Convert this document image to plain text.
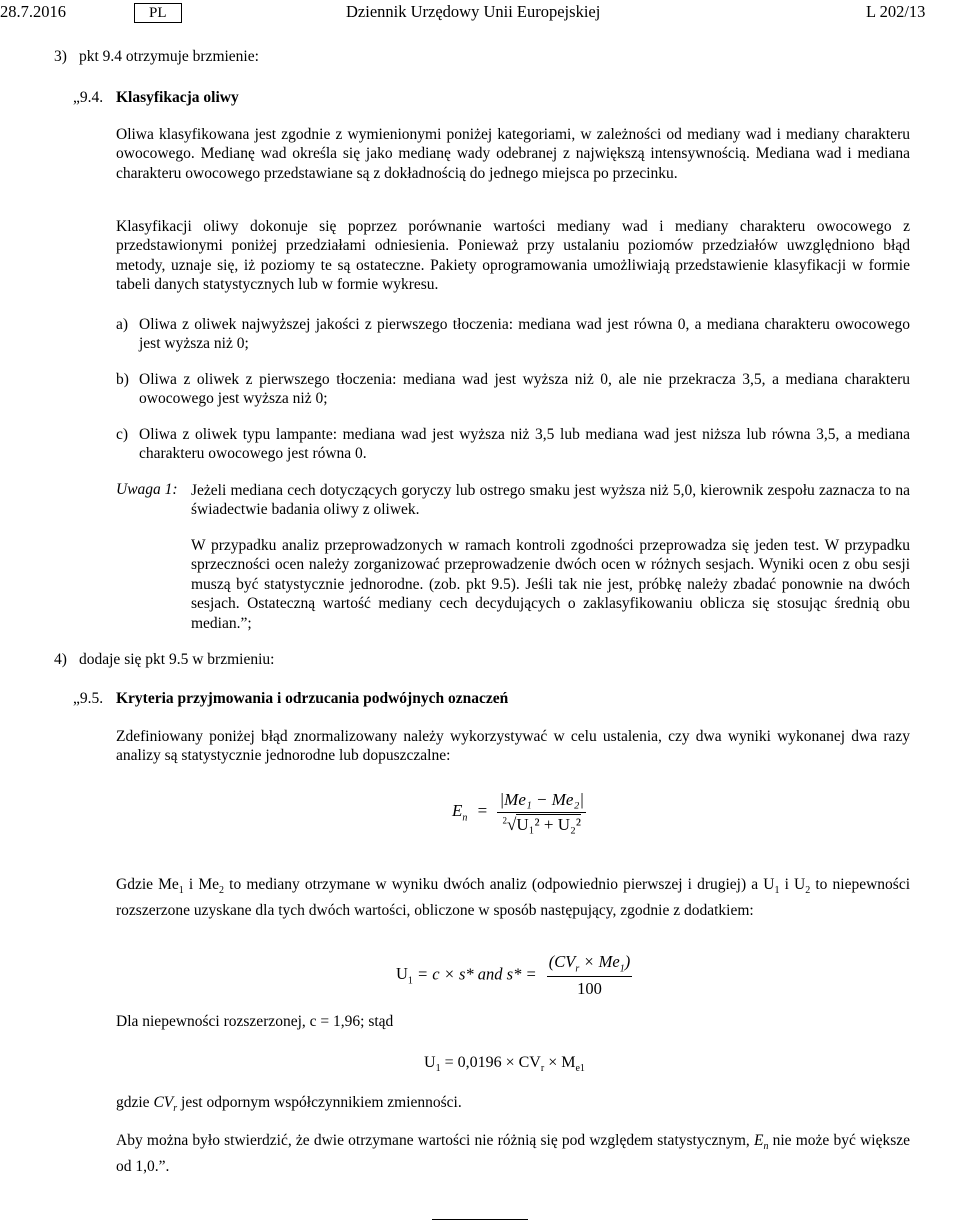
28.7.2016	PL	Dziennik Urzędowy Unii Europejskiej	L 202/13
3) pkt 9.4 otrzymuje brzmienie:
„9.4. Klasyfikacja oliwy
Oliwa klasyfikowana jest zgodnie z wymienionymi poniżej kategoriami, w zależności od mediany wad i mediany charakteru owocowego. Medianę wad określa się jako medianę wady odebranej z największą intensywnością. Mediana wad i mediana charakteru owocowego przedstawiane są z dokładnością do jednego miejsca po przecinku.
Klasyfikacji oliwy dokonuje się poprzez porównanie wartości mediany wad i mediany charakteru owocowego z przedstawionymi poniżej przedziałami odniesienia. Ponieważ przy ustalaniu poziomów przedziałów uwzględniono błąd metody, uznaje się, iż poziomy te są ostateczne. Pakiety oprogramowania umożliwiają przedstawienie klasyfikacji w formie tabeli danych statystycznych lub w formie wykresu.
a) Oliwa z oliwek najwyższej jakości z pierwszego tłoczenia: mediana wad jest równa 0, a mediana charakteru owocowego jest wyższa niż 0;
b) Oliwa z oliwek z pierwszego tłoczenia: mediana wad jest wyższa niż 0, ale nie przekracza 3,5, a mediana charakteru owocowego jest wyższa niż 0;
c) Oliwa z oliwek typu lampante: mediana wad jest wyższa niż 3,5 lub mediana wad jest niższa lub równa 3,5, a mediana charakteru owocowego jest równa 0.
Uwaga 1: Jeżeli mediana cech dotyczących goryczy lub ostrego smaku jest wyższa niż 5,0, kierownik zespołu zaznacza to na świadectwie badania oliwy z oliwek.
W przypadku analiz przeprowadzonych w ramach kontroli zgodności przeprowadza się jeden test. W przypadku sprzeczności ocen należy zorganizować przeprowadzenie dwóch ocen w różnych sesjach. Wyniki ocen z obu sesji muszą być statystycznie jednorodne. (zob. pkt 9.5). Jeśli tak nie jest, próbkę należy zbadać ponownie na dwóch sesjach. Ostateczną wartość mediany cech decydujących o zaklasyfikowaniu oblicza się stosując średnią obu median.”;
4) dodaje się pkt 9.5 w brzmieniu:
„9.5. Kryteria przyjmowania i odrzucania podwójnych oznaczeń
Zdefiniowany poniżej błąd znormalizowany należy wykorzystywać w celu ustalenia, czy dwa wyniki wykonanej dwa razy analizy są statystycznie jednorodne lub dopuszczalne:
$E_n = \frac{\text{|Me₁ − Me₂|}}{^2√U_1^2 + U_2^2}$
Gdzie $Me_1$ i $Me_2$ to mediany otrzymane w wyniku dwóch analiz (odpowiednio pierwszej i drugiej) a $U_1$ i $U_2$ to niepewności rozszerzone uzyskane dla tych dwóch wartości, obliczone w sposób następujący, zgodnie z dodatkiem:
$U_1 = c \times s*$ and $s* = \frac{(CV_r \times Me_1)}{100}$
Dla niepewności rozszerzonej, c = 1,96; stąd
$U_1 = 0,0196 \times CV_r \times M_{e1}$
gdzie $CV_r$ jest odpornym współczynnikiem zmienności.
Aby można było stwierdzić, że dwie otrzymane wartości nie różnią się pod względem statystycznym, $E_n$ nie może być większe od 1,0.”.
